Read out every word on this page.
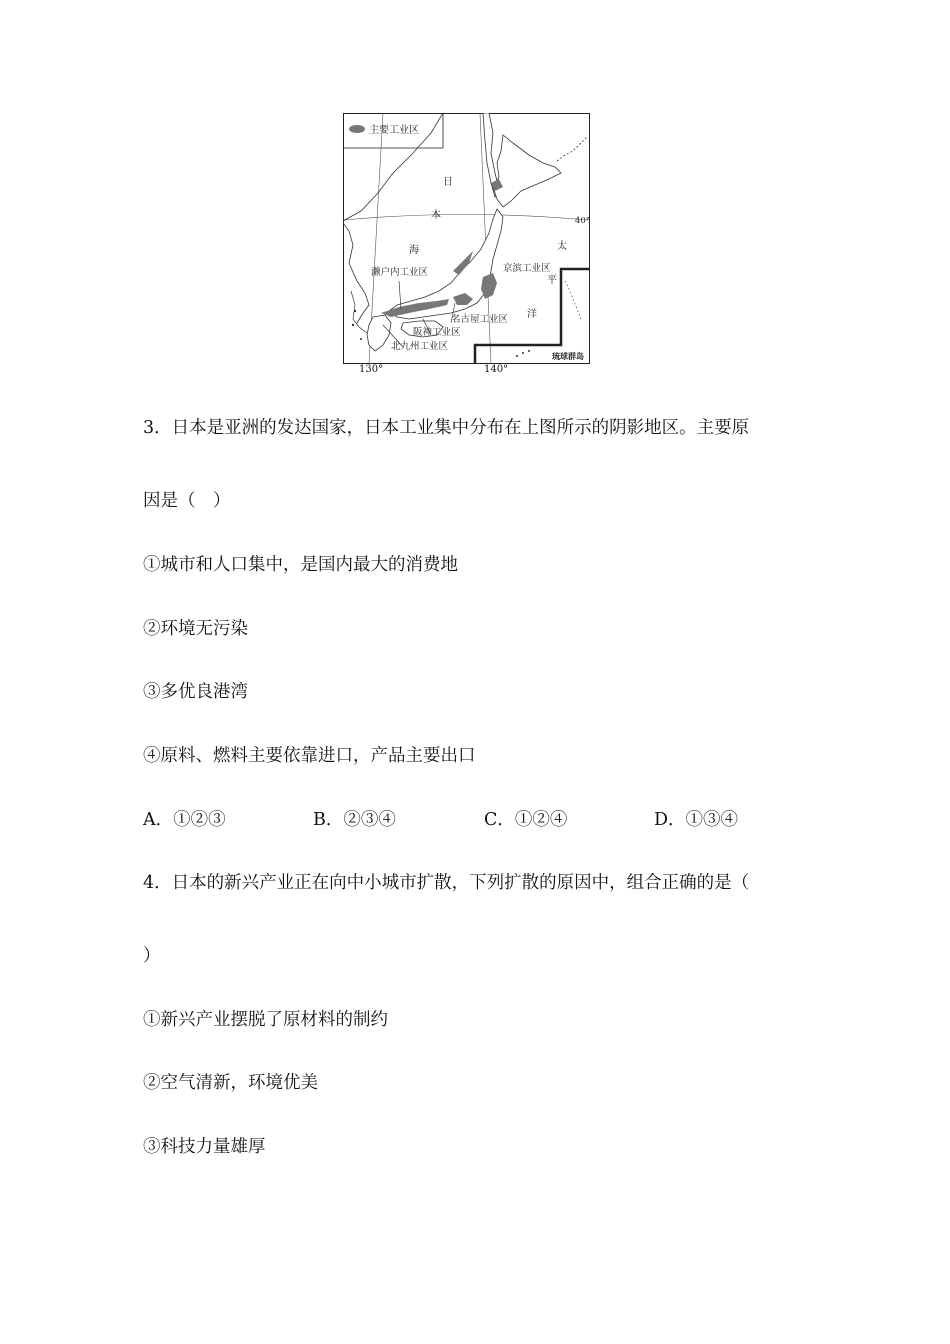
主要工业区
琉球群岛
日
本
海	太
平
洋
濑户内工业区	京滨工业区
名古屋工业区
阪神工业区
北九州工业区
40°
130°	140°
3．日本是亚洲的发达国家，日本工业集中分布在上图所示的阴影地区。主要原
因是（　）
①城市和人口集中，是国内最大的消费地
②环境无污染
③多优良港湾
④原料、燃料主要依靠进口，产品主要出口
A．①②③	B．②③④	C．①②④	D．①③④
4．日本的新兴产业正在向中小城市扩散，下列扩散的原因中，组合正确的是（
）
①新兴产业摆脱了原材料的制约
②空气清新，环境优美
③科技力量雄厚
